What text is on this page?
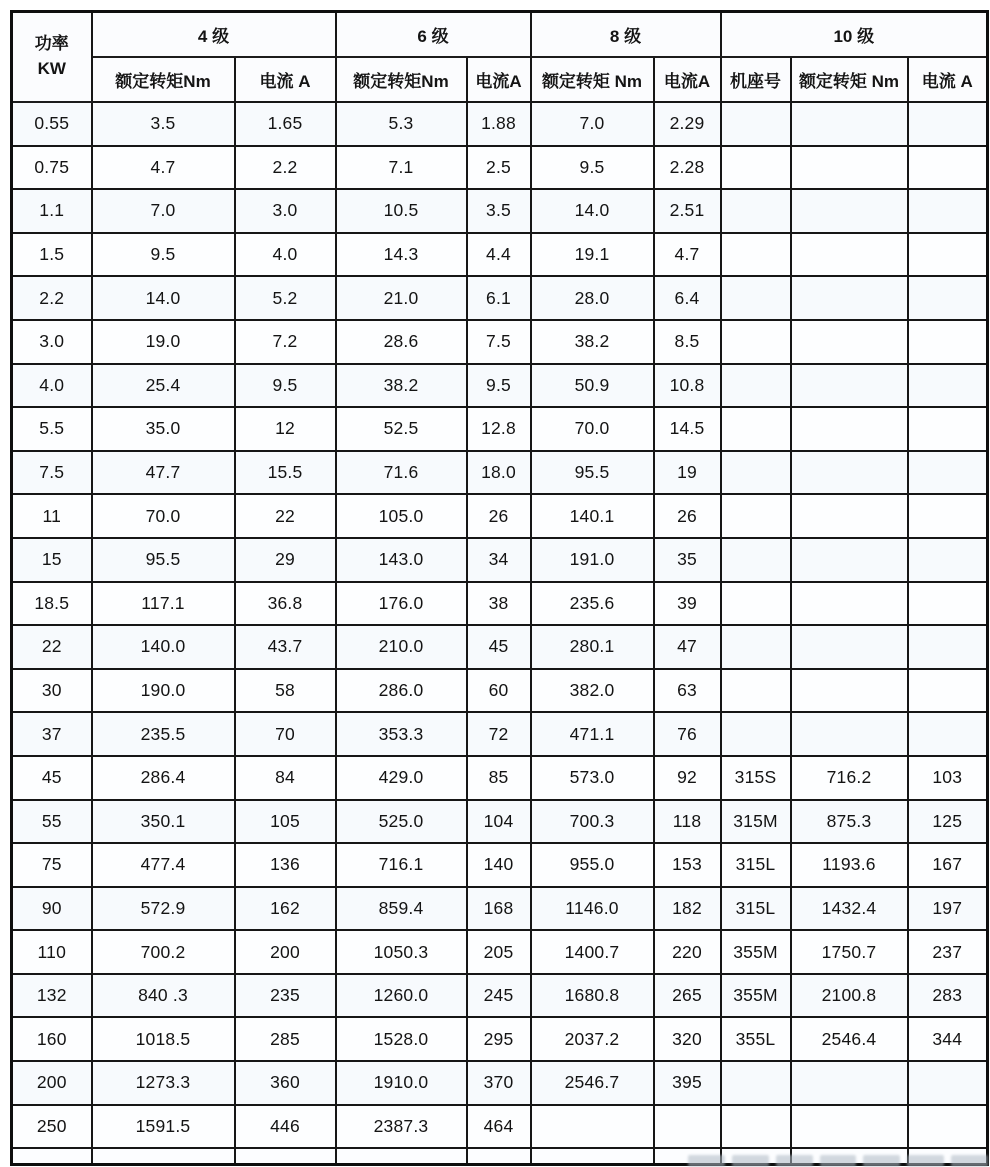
功率
KW	4 级		6 级		8 级		10 级		
	额定转矩Nm	电流 A	额定转矩Nm	电流A	额定转矩 Nm	电流A	机座号	额定转矩 Nm	电流 A
0.55	3.5	1.65	5.3	1.88	7.0	2.29			
0.75	4.7	2.2	7.1	2.5	9.5	2.28			
1.1	7.0	3.0	10.5	3.5	14.0	2.51			
1.5	9.5	4.0	14.3	4.4	19.1	4.7			
2.2	14.0	5.2	21.0	6.1	28.0	6.4			
3.0	19.0	7.2	28.6	7.5	38.2	8.5			
4.0	25.4	9.5	38.2	9.5	50.9	10.8			
5.5	35.0	12	52.5	12.8	70.0	14.5			
7.5	47.7	15.5	71.6	18.0	95.5	19			
11	70.0	22	105.0	26	140.1	26			
15	95.5	29	143.0	34	191.0	35			
18.5	117.1	36.8	176.0	38	235.6	39			
22	140.0	43.7	210.0	45	280.1	47			
30	190.0	58	286.0	60	382.0	63			
37	235.5	70	353.3	72	471.1	76			
45	286.4	84	429.0	85	573.0	92	315S	716.2	103
55	350.1	105	525.0	104	700.3	118	315M	875.3	125
75	477.4	136	716.1	140	955.0	153	315L	1193.6	167
90	572.9	162	859.4	168	1146.0	182	315L	1432.4	197
110	700.2	200	1050.3	205	1400.7	220	355M	1750.7	237
132	840 .3	235	1260.0	245	1680.8	265	355M	2100.8	283
160	1018.5	285	1528.0	295	2037.2	320	355L	2546.4	344
200	1273.3	360	1910.0	370	2546.7	395			
250	1591.5	446	2387.3	464					
